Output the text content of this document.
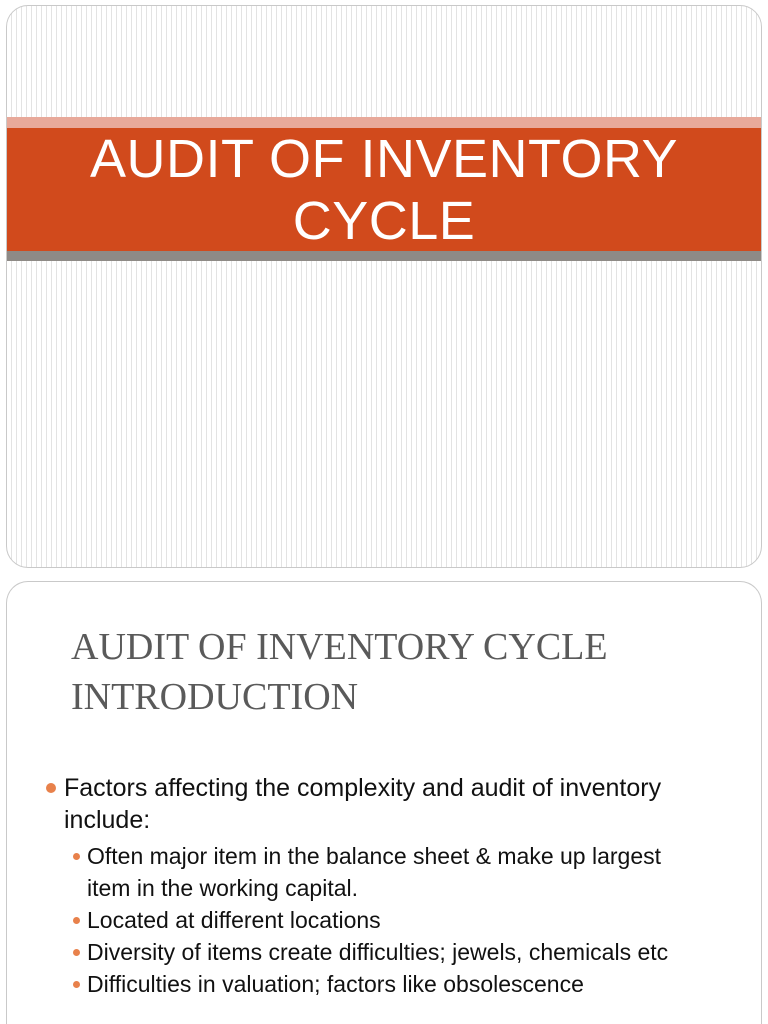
AUDIT OF INVENTORY CYCLE
AUDIT OF INVENTORY CYCLE
INTRODUCTION
Factors affecting the complexity and audit of inventory include:
Often major item in the balance sheet & make up largest item in the working capital.
Located at different locations
Diversity of items create difficulties; jewels, chemicals etc
Difficulties in valuation; factors like obsolescence
